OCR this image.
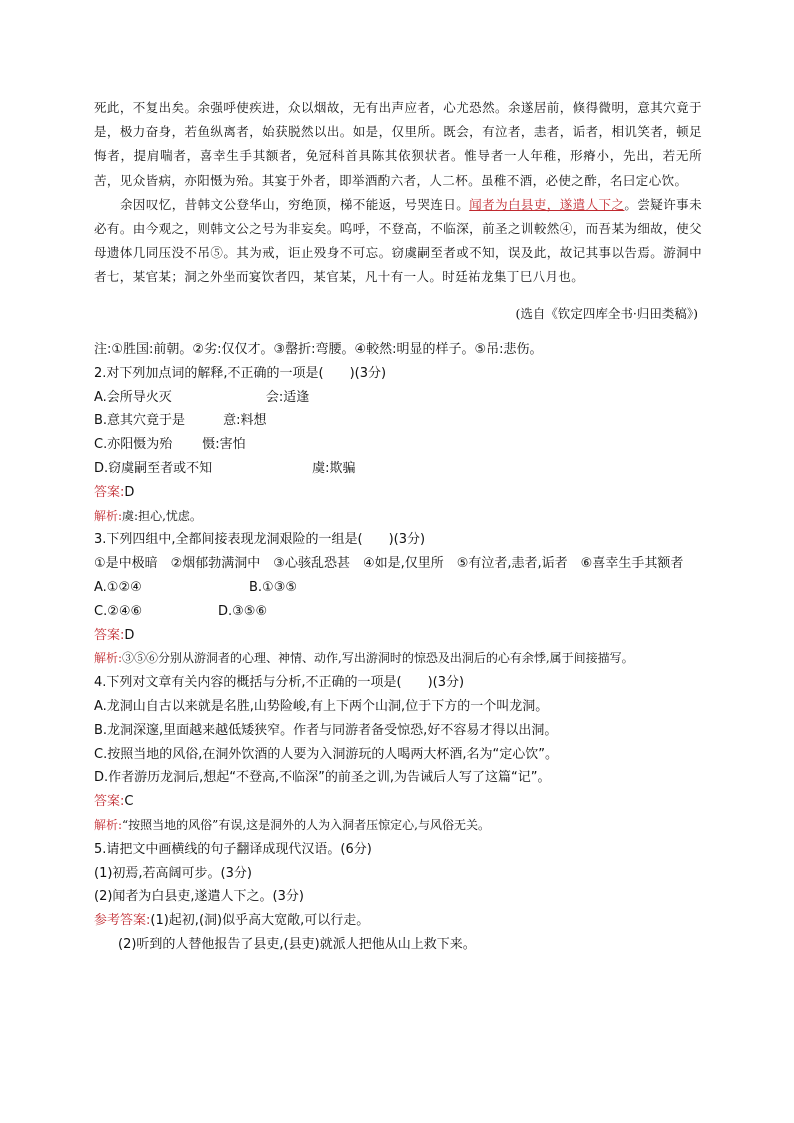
死此，不复出矣。余强呼使疾进，众以烟故，无有出声应者，心尤恐然。余遂居前，倏得微明，意其穴竟于是，极力奋身，若鱼纵离者，始获脱然以出。如是，仅里所。既会，有泣者，恚者，诟者，相讥笑者，顿足悔者，提肩喘者，喜幸生手其额者，免冠科首具陈其依狈状者。惟导者一人年稚，形瘠小，先出，若无所苦，见众皆病，亦阳慑为殆。其宴于外者，即举酒酌六者，人二杯。虽稚不酒，必使之酢，名曰定心饮。

余因叹忆，昔韩文公登华山，穷绝顶，梯不能返，号哭连日。闻者为白县吏，遂遣人下之。尝疑许事未必有。由今观之，则韩文公之号为非妄矣。呜呼，不登高，不临深，前圣之训較然④，而吾某为细故，使父母遗体几同压没不吊⑤。其为戒，讵止殁身不可忘。窃虞嗣至者或不知，误及此，故记其事以告焉。游洞中者七，某官某；洞之外坐而宴饮者四，某官某，凡十有一人。时廷祐龙集丁巳八月也。

(选自《钦定四库全书·归田类稿》)
注:①胜国:前朝。②劣:仅仅才。③罄折:弯腰。④較然:明显的样子。⑤吊:悲伤。
2.对下列加点词的解释,不正确的一项是(　　)(3分)
A.会所导火灭	会:适逢
B.意其穴竟于是	意:料想
C.亦阳慑为殆 慑:害怕
D.窃虞嗣至者或不知	虞:欺骗
答案:D
解析:虞:担心,忧虑。
3.下列四组中,全都间接表现龙洞艰险的一组是(　　)(3分)
①是中极暗　②烟郁勃满洞中　③心骇乱恐甚　④如是,仅里所　⑤有泣者,恚者,诟者　⑥喜幸生手其额者
A.①②④	B.①③⑤
C.②④⑥	D.③⑤⑥
答案:D
解析:③⑤⑥分别从游洞者的心理、神情、动作,写出游洞时的惊恐及出洞后的心有余悸,属于间接描写。
4.下列对文章有关内容的概括与分析,不正确的一项是(　　)(3分)
A.龙洞山自古以来就是名胜,山势险峻,有上下两个山洞,位于下方的一个叫龙洞。
B.龙洞深邃,里面越来越低矮狭窄。作者与同游者备受惊恐,好不容易才得以出洞。
C.按照当地的风俗,在洞外饮酒的人要为入洞游玩的人喝两大杯酒,名为“定心饮”。
D.作者游历龙洞后,想起“不登高,不临深”的前圣之训,为告诫后人写了这篇“记”。
答案:C
解析:“按照当地的风俗”有误,这是洞外的人为入洞者压惊定心,与风俗无关。
5.请把文中画横线的句子翻译成现代汉语。(6分)
(1)初焉,若高阔可步。(3分)
(2)闻者为白县吏,遂遣人下之。(3分)
参考答案:(1)起初,(洞)似乎高大宽敞,可以行走。
(2)听到的人替他报告了县吏,(县吏)就派人把他从山上救下来。
